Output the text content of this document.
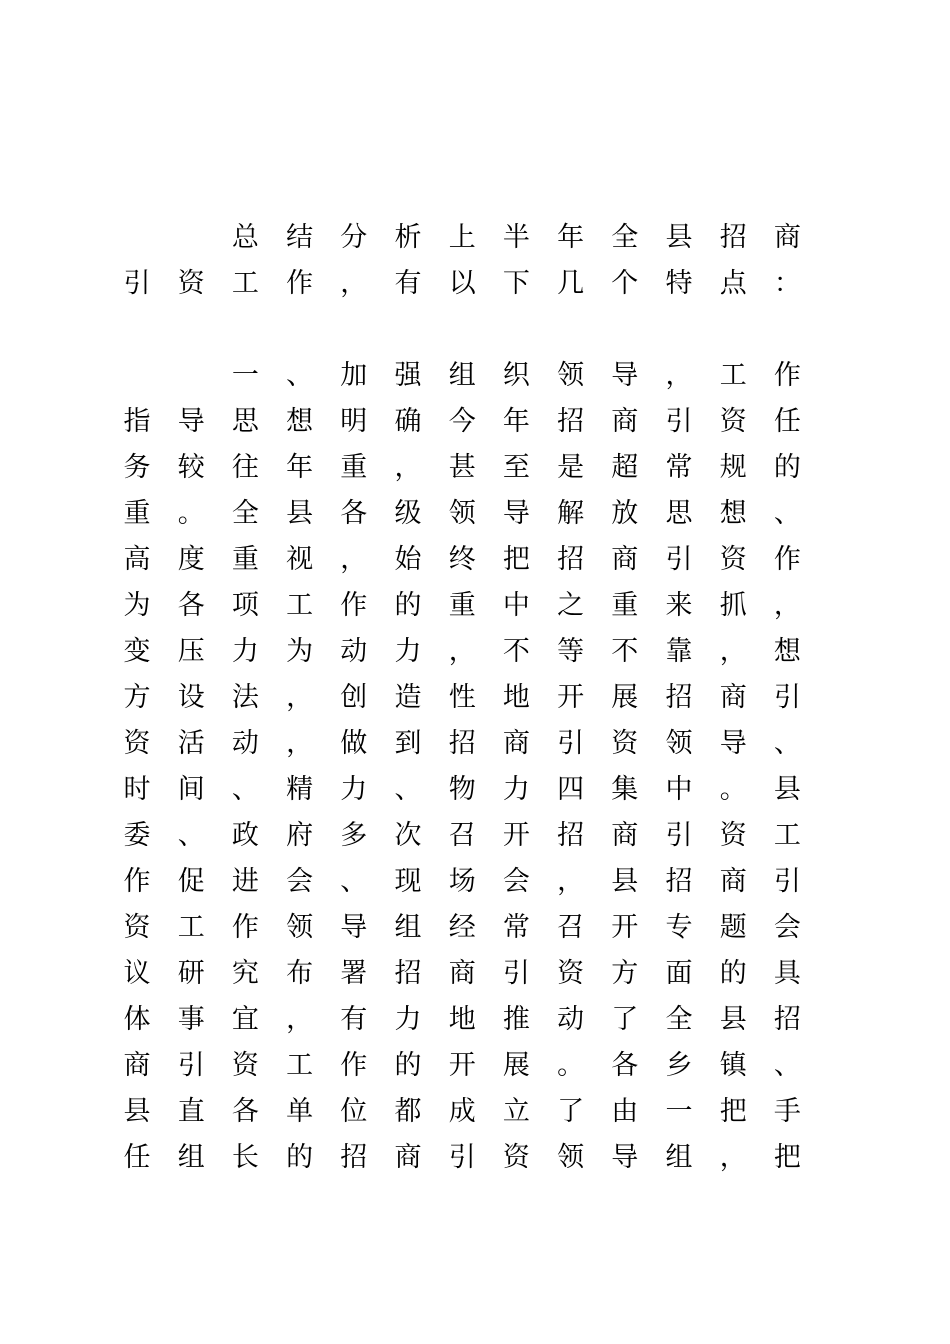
总 结 分 析 上 半 年 全 县 招 商
引 资 工 作 ， 有 以 下 几 个 特 点 ：
一 、 加 强 组 织 领 导 ， 工 作
指 导 思 想 明 确 今 年 招 商 引 资 任
务 较 往 年 重 ， 甚 至 是 超 常 规 的
重 。 全 县 各 级 领 导 解 放 思 想 、
高 度 重 视 ， 始 终 把 招 商 引 资 作
为 各 项 工 作 的 重 中 之 重 来 抓 ，
变 压 力 为 动 力 ， 不 等 不 靠 ， 想
方 设 法 ， 创 造 性 地 开 展 招 商 引
资 活 动 ， 做 到 招 商 引 资 领 导 、
时 间 、 精 力 、 物 力 四 集 中 。 县
委 、 政 府 多 次 召 开 招 商 引 资 工
作 促 进 会 、 现 场 会 ， 县 招 商 引
资 工 作 领 导 组 经 常 召 开 专 题 会
议 研 究 布 署 招 商 引 资 方 面 的 具
体 事 宜 ， 有 力 地 推 动 了 全 县 招
商 引 资 工 作 的 开 展 。 各 乡 镇 、
县 直 各 单 位 都 成 立 了 由 一 把 手
任 组 长 的 招 商 引 资 领 导 组 ， 把
